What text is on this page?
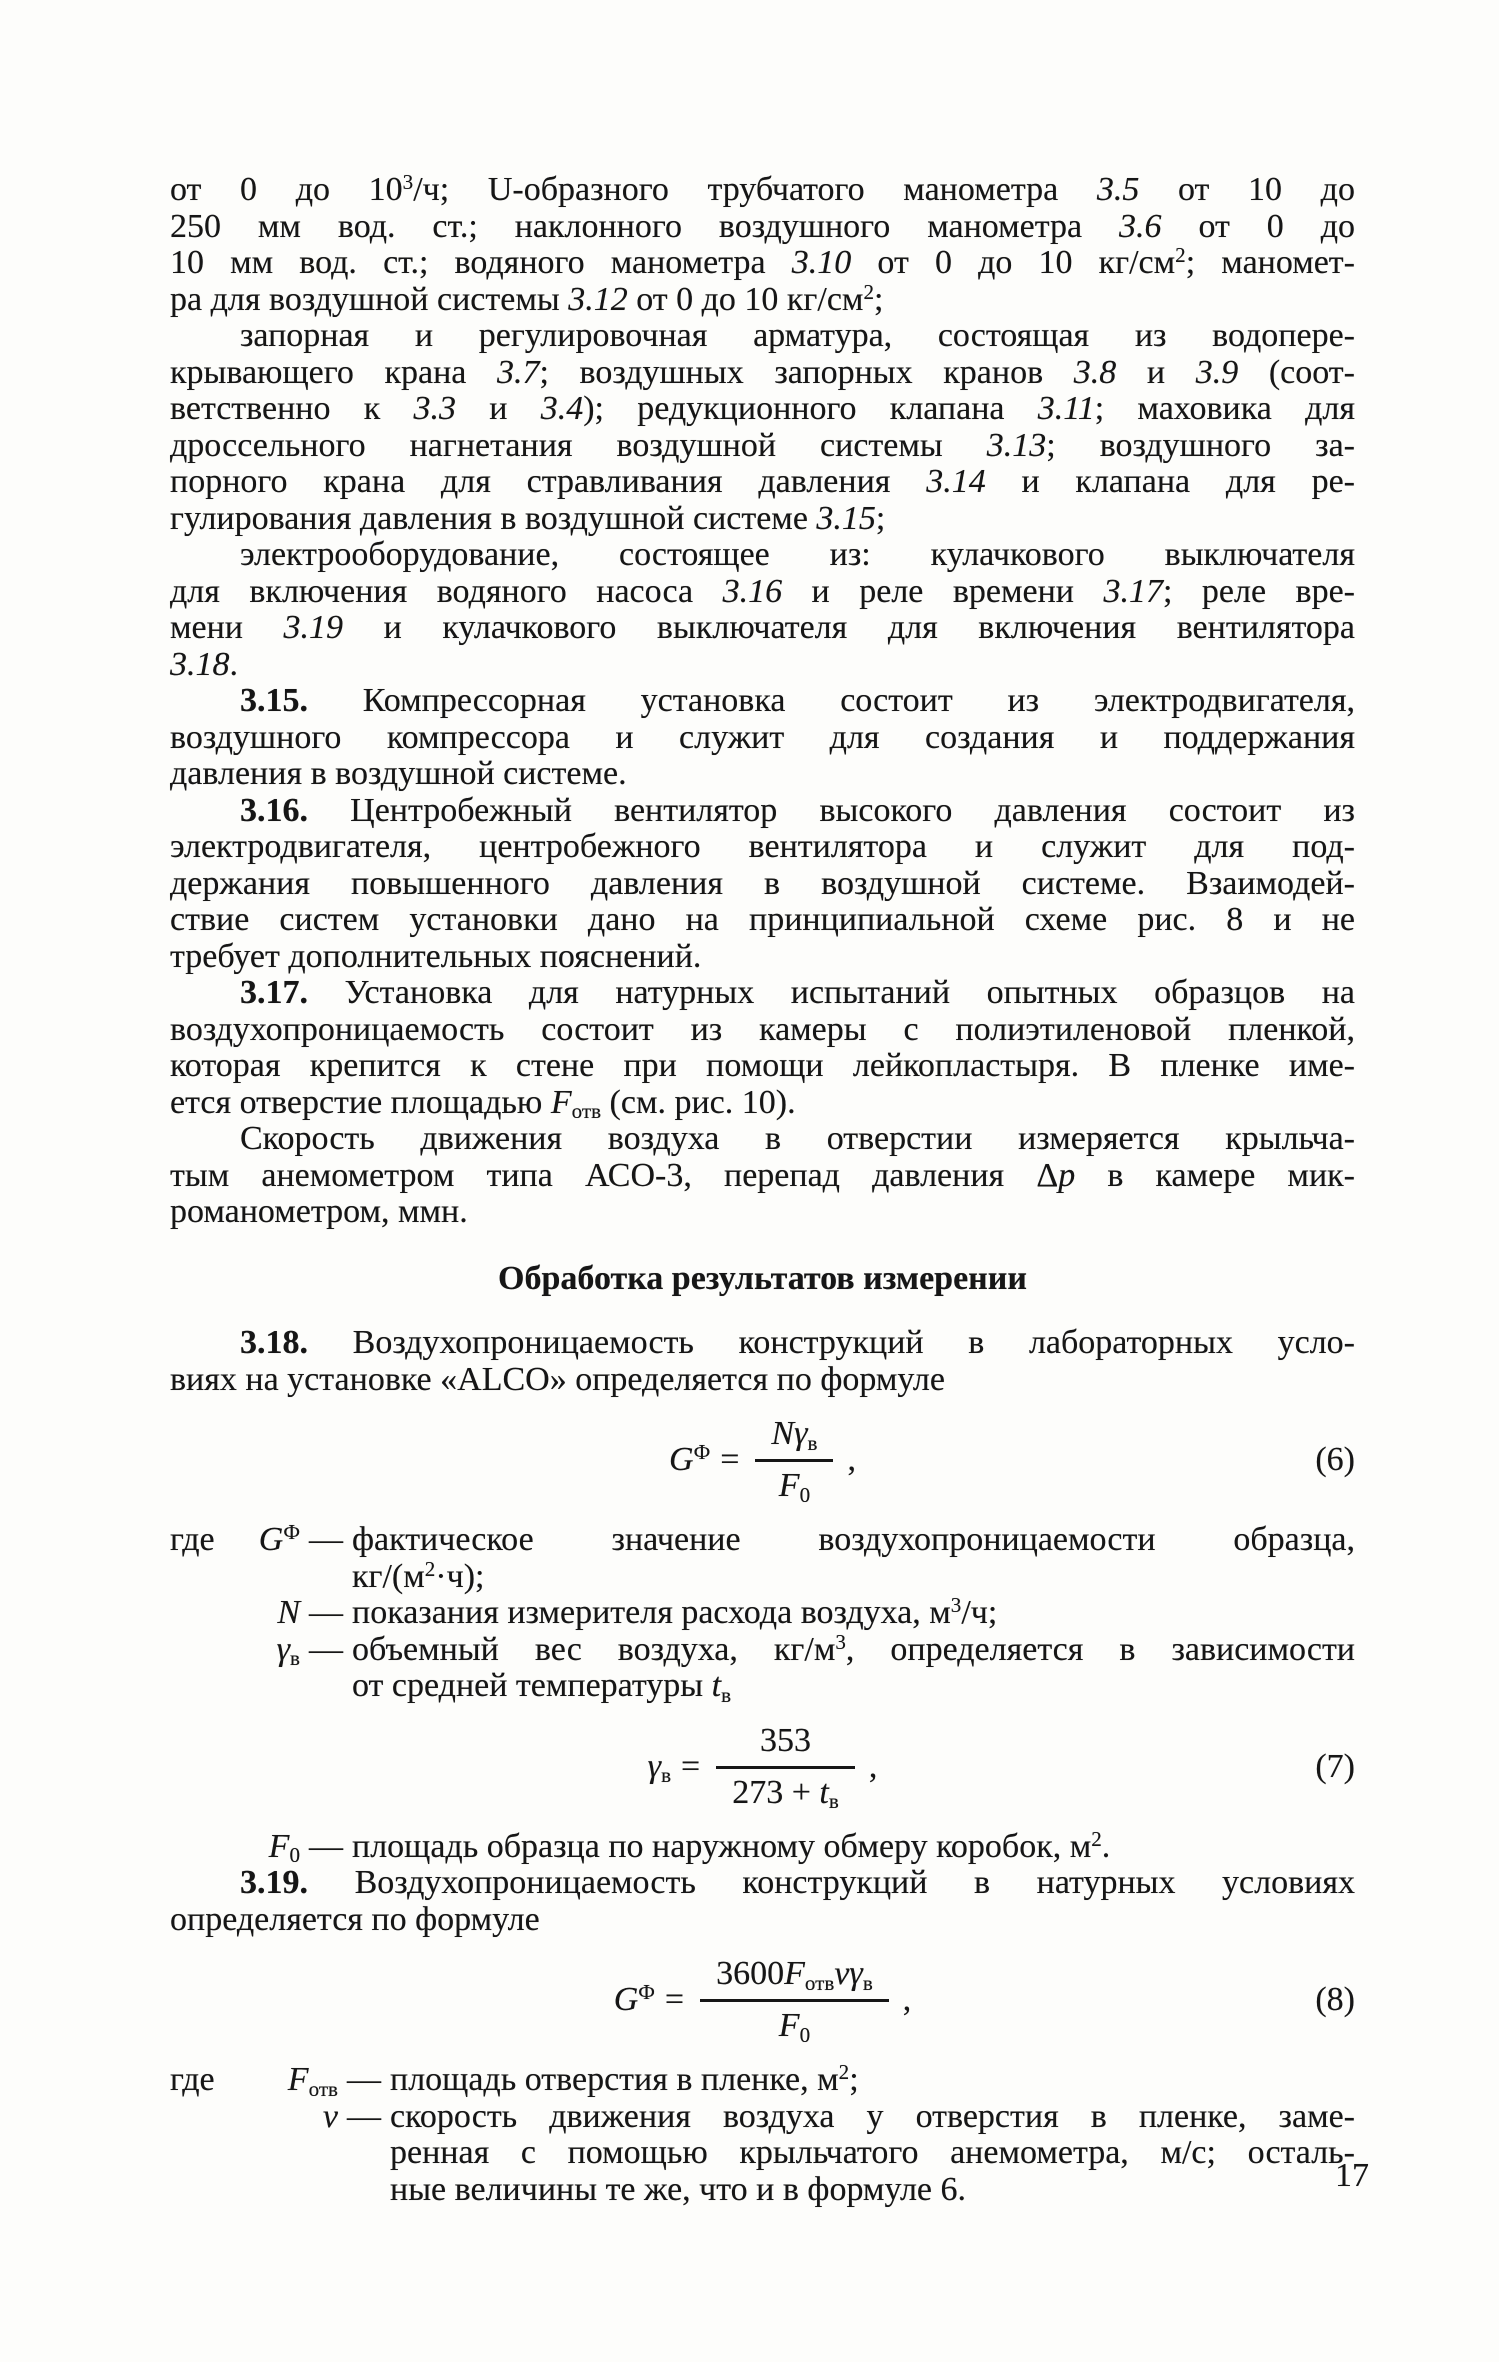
от 0 до $10^3/ч$; U-образного трубчатого манометра 3.5 от 10 до
250 мм вод. ст.; наклонного воздушного манометра 3.6 от 0 до
10 мм вод. ст.; водяного манометра 3.10 от 0 до 10 $кг/см^2$; маномет-
ра для воздушной системы 3.12 от 0 до 10 $кг/см^2$;
запорная и регулировочная арматура, состоящая из водопере-
крывающего крана 3.7; воздушных запорных кранов 3.8 и 3.9 (соот-
ветственно к 3.3 и 3.4); редукционного клапана 3.11; маховика для
дроссельного нагнетания воздушной системы 3.13; воздушного за-
порного крана для стравливания давления 3.14 и клапана для ре-
гулирования давления в воздушной системе 3.15;
электрооборудование, состоящее из: кулачкового выключателя
для включения водяного насоса 3.16 и реле времени 3.17; реле вре-
мени 3.19 и кулачкового выключателя для включения вентилятора
3.18.
3.15. Компрессорная установка состоит из электродвигателя,
воздушного компрессора и служит для создания и поддержания
давления в воздушной системе.
3.16. Центробежный вентилятор высокого давления состоит из
электродвигателя, центробежного вентилятора и служит для под-
держания повышенного давления в воздушной системе. Взаимодей-
ствие систем установки дано на принципиальной схеме рис. 8 и не
требует дополнительных пояснений.
3.17. Установка для натурных испытаний опытных образцов на
воздухопроницаемость состоит из камеры с полиэтиленовой пленкой,
которая крепится к стене при помощи лейкопластыря. В пленке име-
ется отверстие площадью Fотв (см. рис. 10).
Скорость движения воздуха в отверстии измеряется крыльча-
тым анемометром типа АСО-3, перепад давления Δp в камере мик-
романометром, ммн.
Обработка результатов измерении
3.18. Воздухопроницаемость конструкций в лабораторных усло-
виях на установке «ALCO» определяется по формуле
$G^Ф = \frac{\text{Nγв}}{F0}$ ,	(6)
где $G^Ф$ — фактическое значение воздухопроницаемости образца,
$кг/(м^2\cdot ч)$;
N — показания измерителя расхода воздуха, $м^3/ч$;
γв — объемный вес воздуха, $кг/м^3$, определяется в зависимости
от средней температуры tв
$\gamma в = \frac{353}{273 + tв}$ ,	(7)
F0 — площадь образца по наружному обмеру коробок, $м^2$.
3.19. Воздухопроницаемость конструкций в натурных условиях
определяется по формуле
$G^Ф = \frac{\text{3600Fотвvγв}}{F0}$ ,	(8)
где Fотв — площадь отверстия в пленке, $м^2$;
v — скорость движения воздуха у отверстия в пленке, заме-
ренная с помощью крыльчатого анемометра, м/с; осталь-
ные величины те же, что и в формуле 6.	17
